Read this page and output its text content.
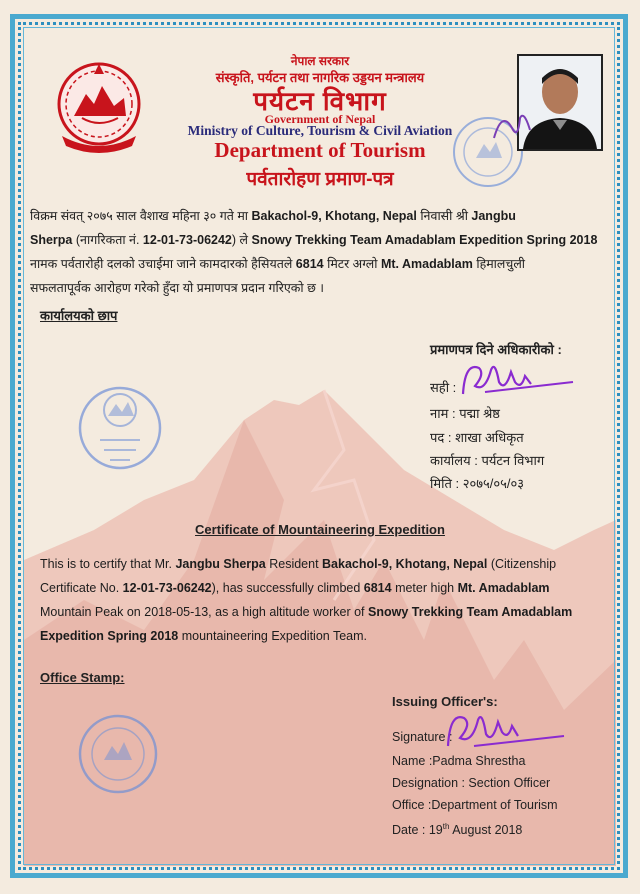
नेपाल सरकार
संस्कृति, पर्यटन तथा नागरिक उड्डयन मन्त्रालय
पर्यटन विभाग
Government of Nepal
Ministry of Culture, Tourism & Civil Aviation
Department of Tourism
पर्वतारोहण प्रमाण-पत्र
विक्रम संवत् २०७५ साल वैशाख महिना ३० गते मा Bakachol-9, Khotang, Nepal निवासी श्री Jangbu
Sherpa (नागरिकता नं. 12-01-73-06242) ले Snowy Trekking Team Amadablam Expedition Spring 2018
नामक पर्वतारोही दलको उचाईमा जाने कामदारको हैसियतले 6814 मिटर अग्लो Mt. Amadablam हिमालचुली
सफलतापूर्वक आरोहण गरेको हुँदा यो प्रमाणपत्र प्रदान गरिएको छ ।
कार्यालयको छाप
प्रमाणपत्र दिने अधिकारीको :
सही :
नाम : पद्मा श्रेष्ठ
पद : शाखा अधिकृत
कार्यालय : पर्यटन विभाग
मिति : २०७५/०५/०३
Certificate of Mountaineering Expedition
This is to certify that Mr. Jangbu Sherpa Resident Bakachol-9, Khotang, Nepal (Citizenship
Certificate No. 12-01-73-06242), has successfully climbed 6814 meter high Mt. Amadablam
Mountain Peak on 2018-05-13, as a high altitude worker of Snowy Trekking Team Amadablam
Expedition Spring 2018 mountaineering Expedition Team.
Office Stamp:
Issuing Officer's:
Signature :
Name :Padma Shrestha
Designation : Section Officer
Office :Department of Tourism
Date : 19th August 2018
